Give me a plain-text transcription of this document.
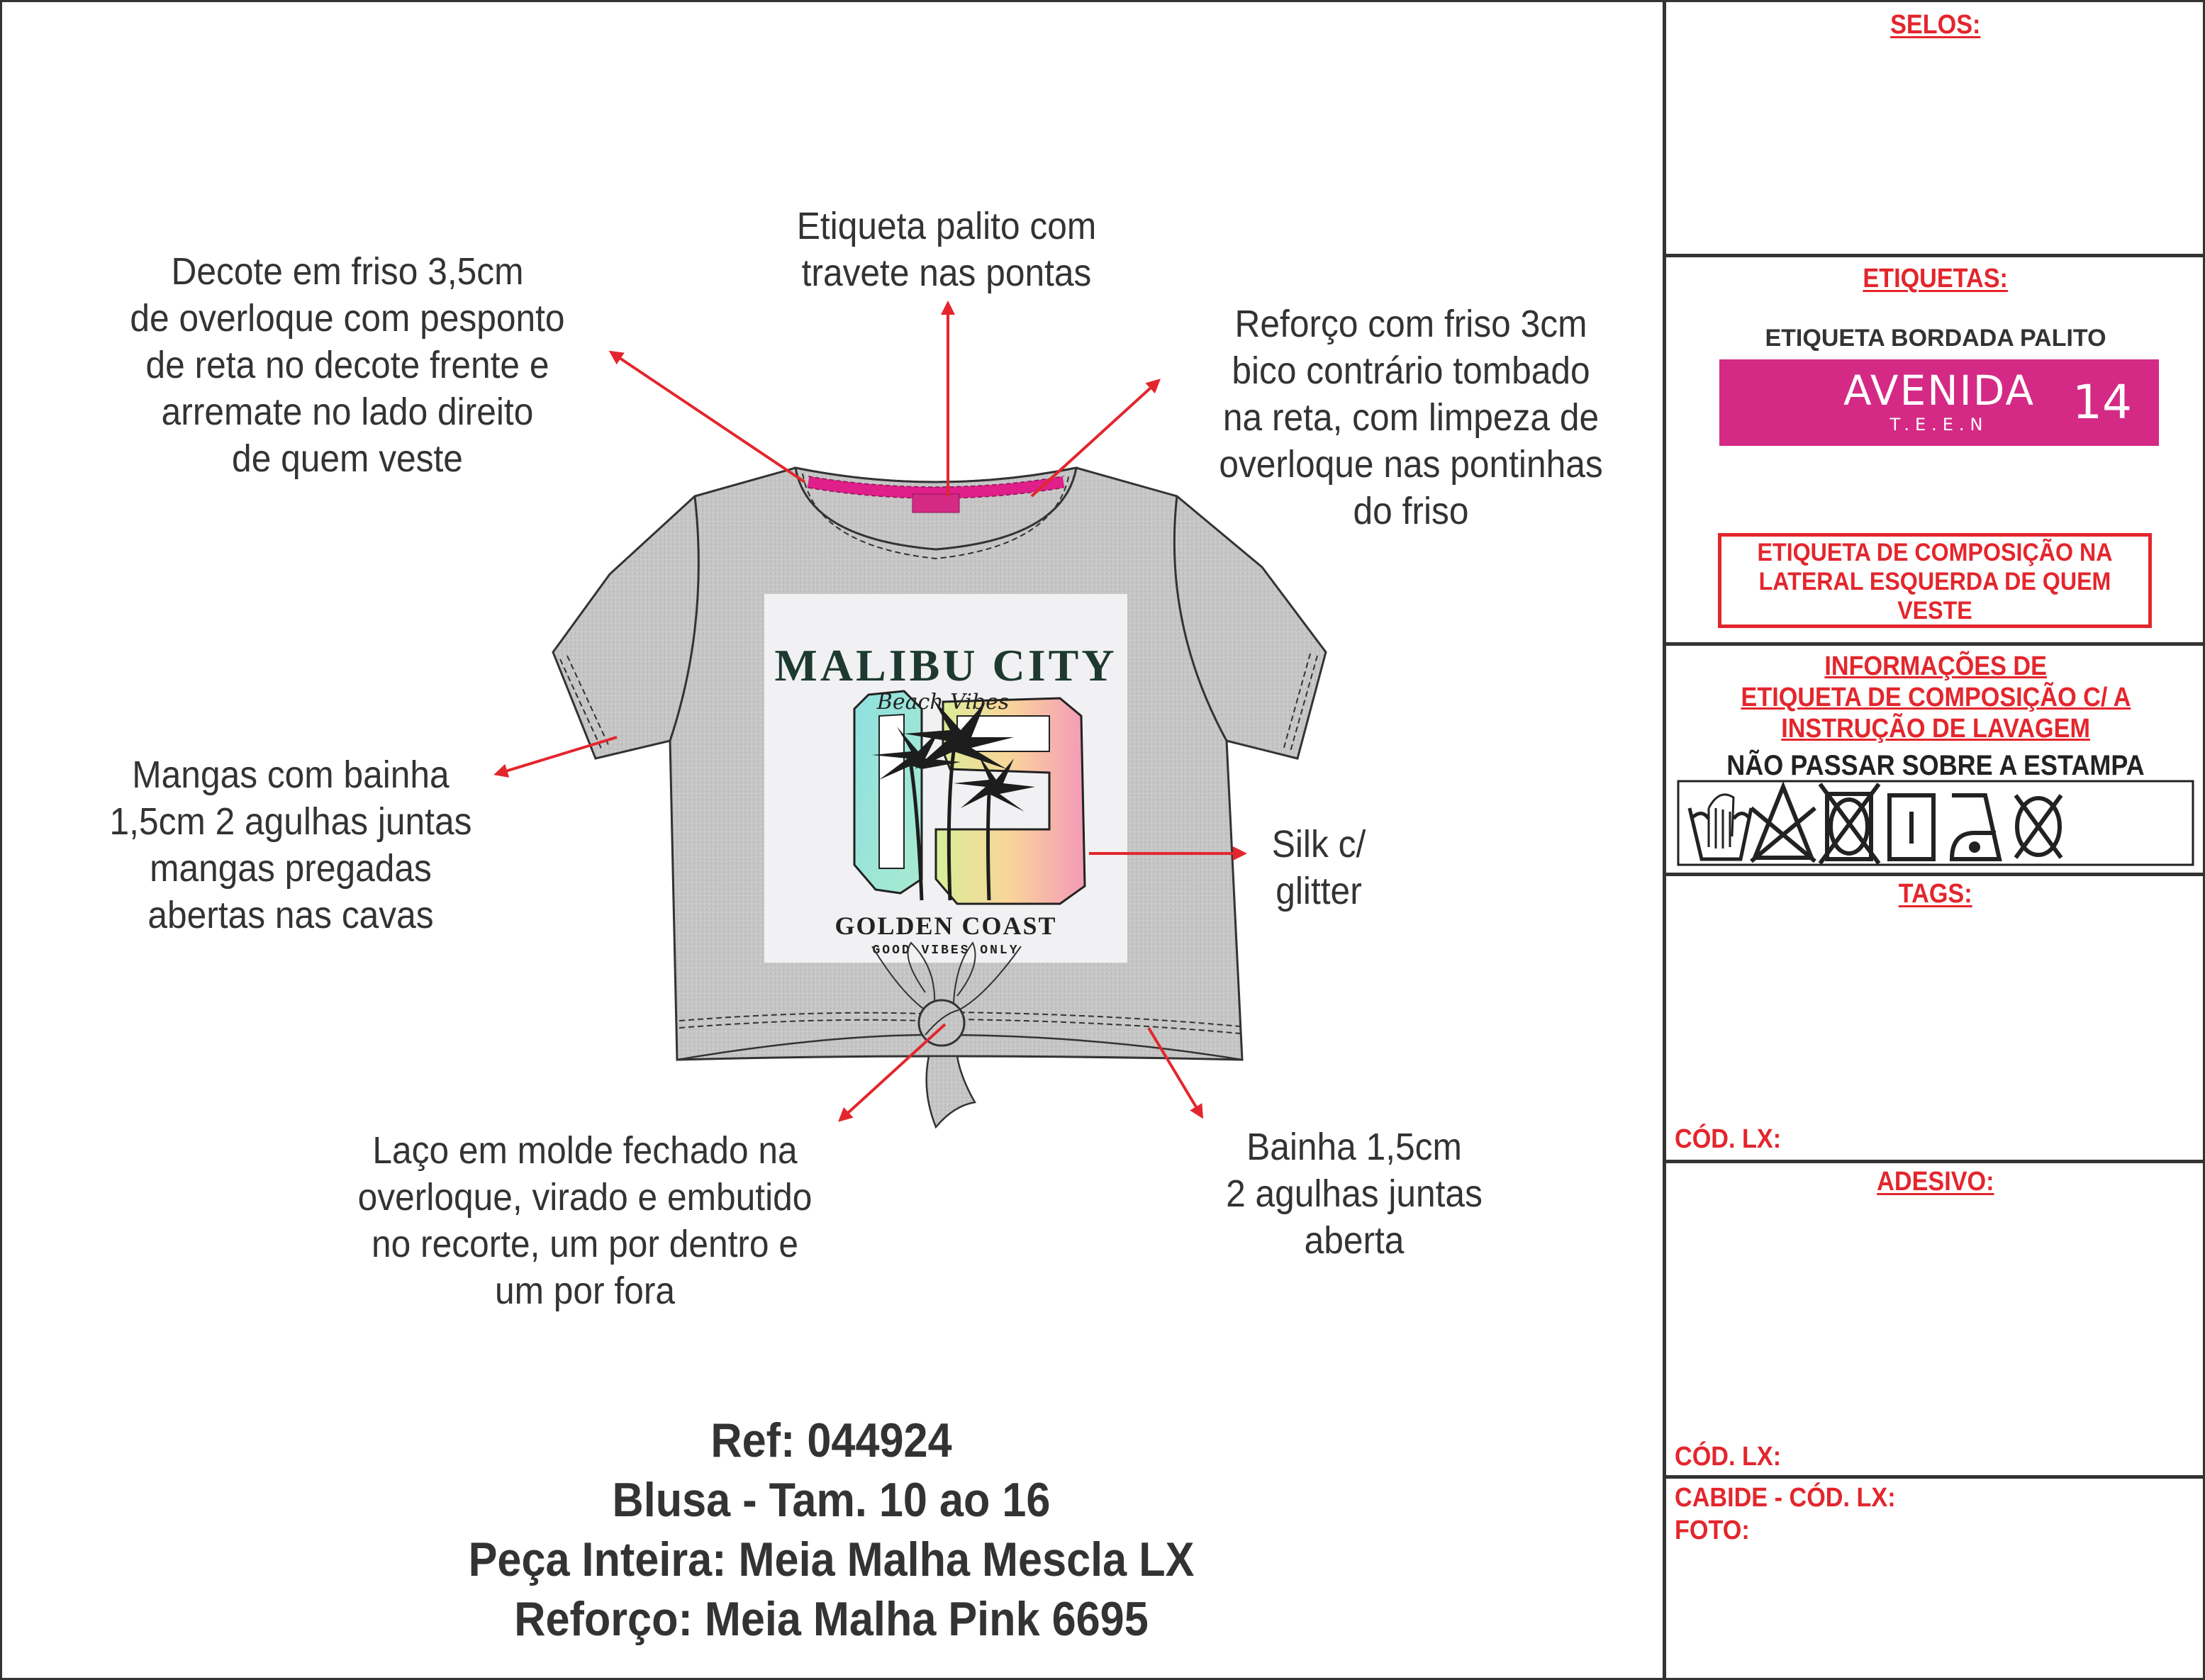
MALIBU CITY
Beach Vibes
GOLDEN COAST
GOOD VIBES ONLY
Decote em friso 3,5cm
de overloque com pesponto
de reta no decote frente e
arremate no lado direito
de quem veste
Etiqueta palito com
travete nas pontas
Reforço com friso 3cm
bico contrário tombado
na reta, com limpeza de
overloque nas pontinhas
do friso
Mangas com bainha
1,5cm 2 agulhas juntas
mangas pregadas
abertas nas cavas
Silk c/
glitter
Laço em molde fechado na
overloque, virado e embutido
no recorte, um por dentro e
um por fora
Bainha 1,5cm
2 agulhas juntas
aberta
Ref: 044924
Blusa - Tam. 10 ao 16
Peça Inteira: Meia Malha Mescla LX
Reforço: Meia Malha Pink 6695
SELOS:
ETIQUETAS:
ETIQUETA BORDADA PALITO
AVENIDA
T.E.E.N	14
ETIQUETA DE COMPOSIÇÃO NA
LATERAL ESQUERDA DE QUEM
VESTE
INFORMAÇÕES DE
ETIQUETA DE COMPOSIÇÃO C/ A
INSTRUÇÃO DE LAVAGEM
NÃO PASSAR SOBRE A ESTAMPA
TAGS:
CÓD. LX:
ADESIVO:
CÓD. LX:
CABIDE - CÓD. LX:
FOTO:
